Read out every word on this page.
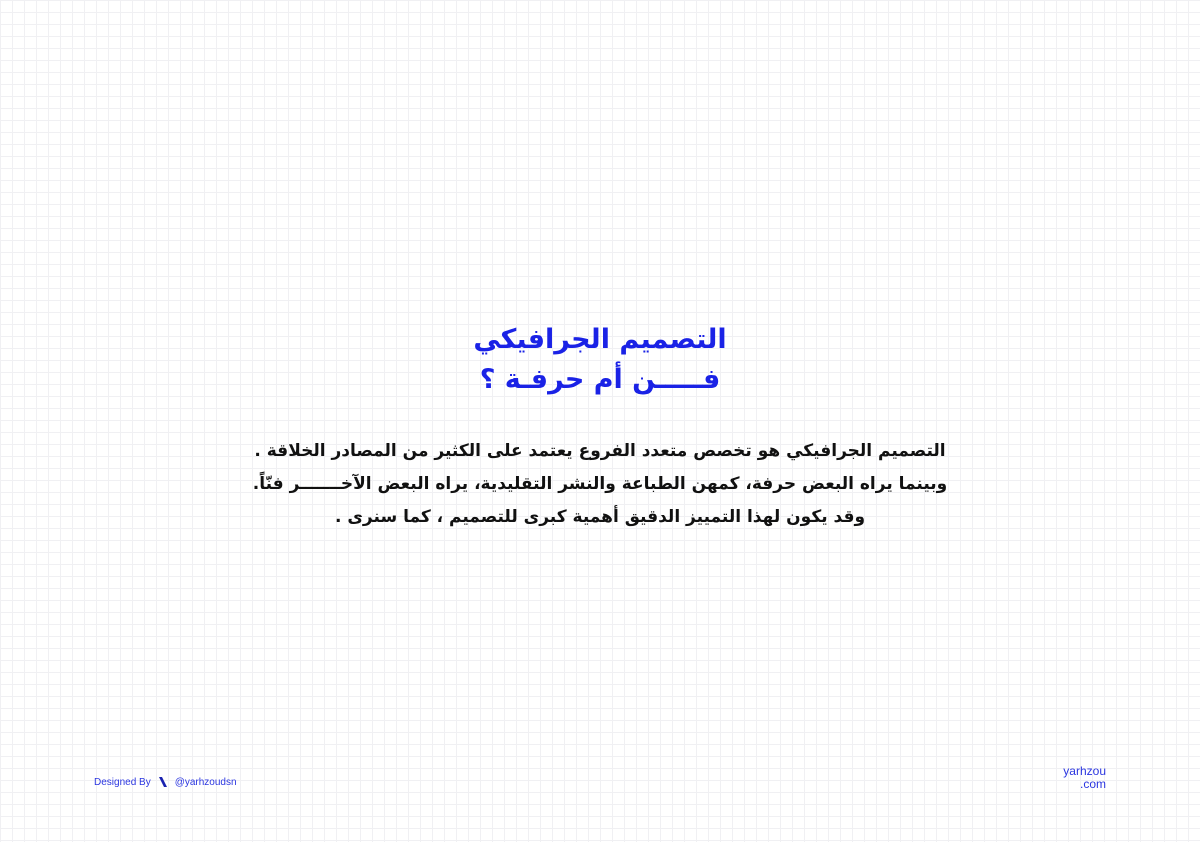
التصميم الجرافيكي
فـــــن أم حرفـة ؟
التصميم الجرافيكي هو تخصص متعدد الفروع يعتمد على الكثير من المصادر الخلاقة .
وبينما يراه البعض حرفة، كمهن الطباعة والنشر التقليدية، يراه البعض الآخـــــــر فنّاً.
وقد يكون لهذا التمييز الدقيق أهمية كبرى للتصميم ، كما سنرى .
Designed By @yarhzoudsn
yarhzou
.com
